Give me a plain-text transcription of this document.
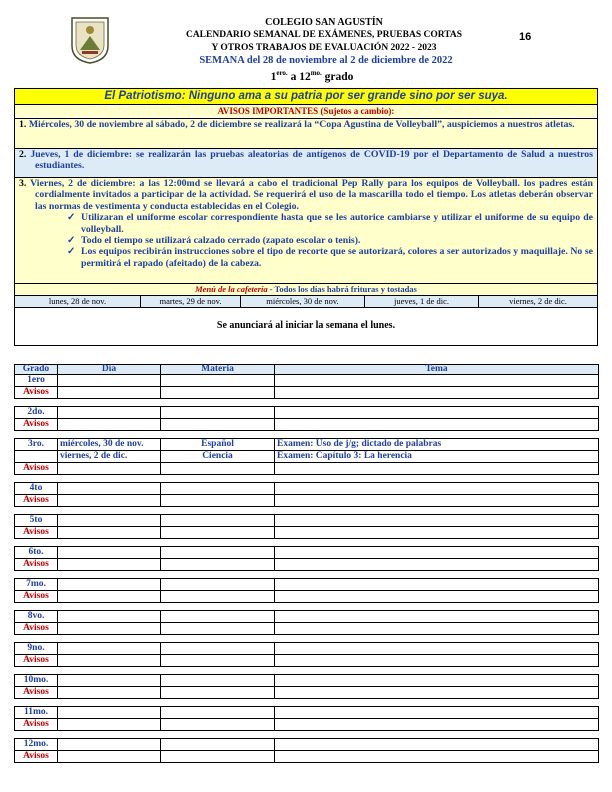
16
COLEGIO SAN AGUSTÍN
CALENDARIO SEMANAL DE EXÁMENES, PRUEBAS CORTAS
Y OTROS TRABAJOS DE EVALUACIÓN 2022 - 2023
SEMANA del 28 de noviembre al 2 de diciembre de 2022
$1^{ero.}$ a $12^{mo.}$ grado
El Patriotismo: Ninguno ama a su patria por ser grande sino por ser suya.
AVISOS IMPORTANTES (Sujetos a cambio):
1. Miércoles, 30 de noviembre al sábado, 2 de diciembre se realizará la “Copa Agustina de Volleyball”, auspiciemos a nuestros atletas.
2. Jueves, 1 de diciembre: se realizarán las pruebas aleatorias de antígenos de COVID-19 por el Departamento de Salud a nuestros estudiantes.
3. Viernes, 2 de diciembre: a las 12:00md se llevará a cabo el tradicional Pep Rally para los equipos de Volleyball. los padres están cordialmente invitados a participar de la actividad. Se requerirá el uso de la mascarilla todo el tiempo. Los atletas deberán observar las normas de vestimenta y conducta establecidas en el Colegio.
✓ Utilizaran el uniforme escolar correspondiente hasta que se les autorice cambiarse y utilizar el uniforme de su equipo de volleyball.
✓ Todo el tiempo se utilizará calzado cerrado (zapato escolar o tenis).
✓ Los equipos recibirán instrucciones sobre el tipo de recorte que se autorizará, colores a ser autorizados y maquillaje. No se permitirá el rapado (afeitado) de la cabeza.
Menú de la cafetería - Todos los días habrá frituras y tostadas
lunes, 28 de nov.	martes, 29 de nov.	miércoles, 30 de nov.	jueves, 1 de dic.	viernes, 2 de dic.
Se anunciará al iniciar la semana el lunes.
Grado	Día	Materia	Tema
1ero			
Avisos			

2do.			
Avisos			

3ro.	miércoles, 30 de nov.	Español	Examen: Uso de j/g; dictado de palabras
	viernes, 2 de dic.	Ciencia	Examen: Capítulo 3: La herencia
Avisos			

4to			
Avisos			

5to			
Avisos			

6to.			
Avisos			

7mo.			
Avisos			

8vo.			
Avisos			

9no.			
Avisos			

10mo.			
Avisos			

11mo.			
Avisos			

12mo.			
Avisos			
